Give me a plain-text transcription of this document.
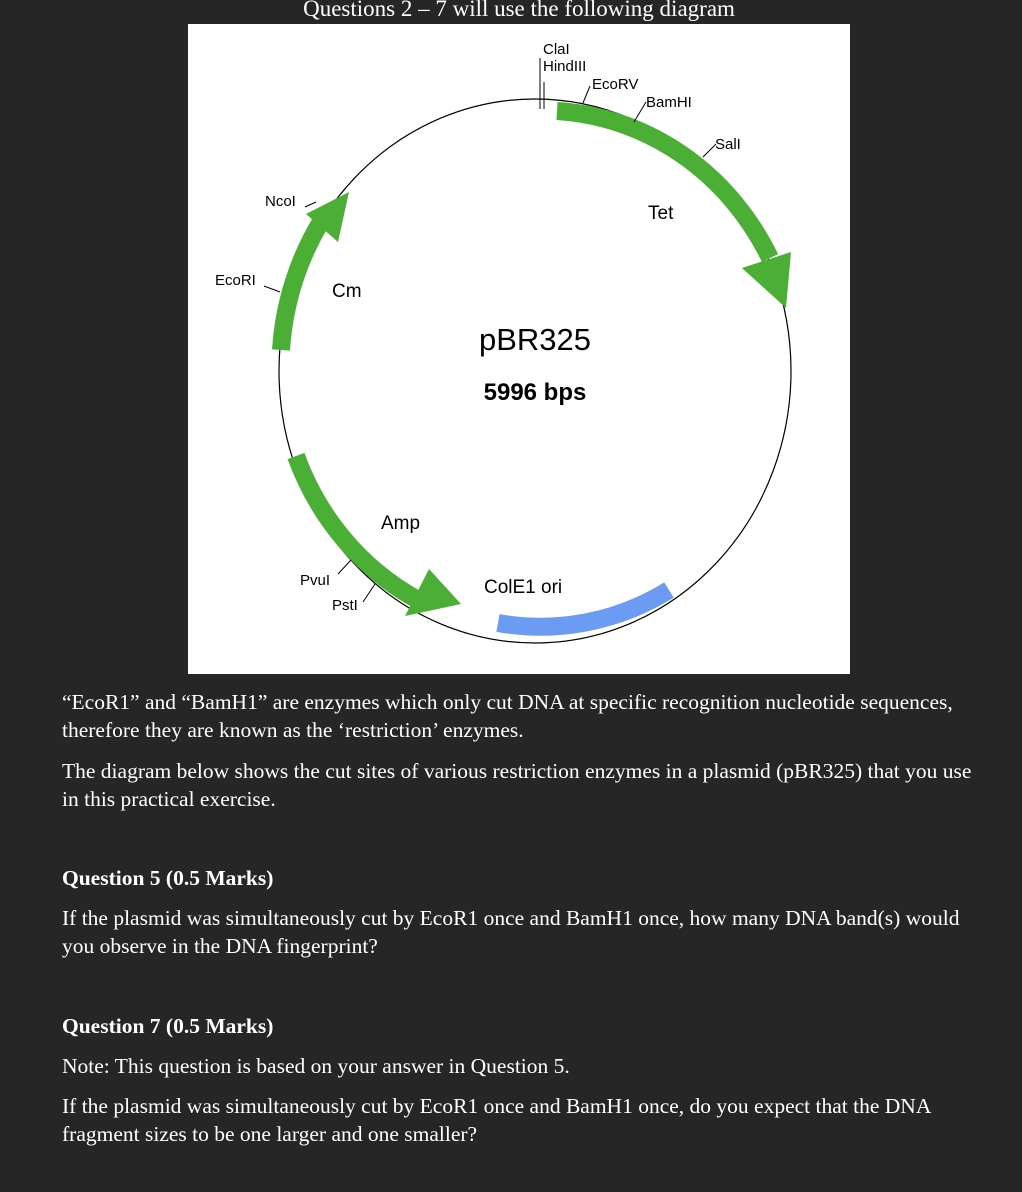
Questions 2 – 7 will use the following diagram
ClaI
HindIII
EcoRV
BamHI
SalI
NcoI
EcoRI
PvuI
PstI
Tet
Cm
Amp
ColE1 ori
pBR325
5996 bps

“EcoR1” and “BamH1” are enzymes which only cut DNA at specific recognition nucleotide sequences, therefore they are known as the ‘restriction’ enzymes.

The diagram below shows the cut sites of various restriction enzymes in a plasmid (pBR325) that you use in this practical exercise.

Question 5 (0.5 Marks)

If the plasmid was simultaneously cut by EcoR1 once and BamH1 once, how many DNA band(s) would you observe in the DNA fingerprint?

Question 7 (0.5 Marks)

Note: This question is based on your answer in Question 5.

If the plasmid was simultaneously cut by EcoR1 once and BamH1 once, do you expect that the DNA fragment sizes to be one larger and one smaller?
